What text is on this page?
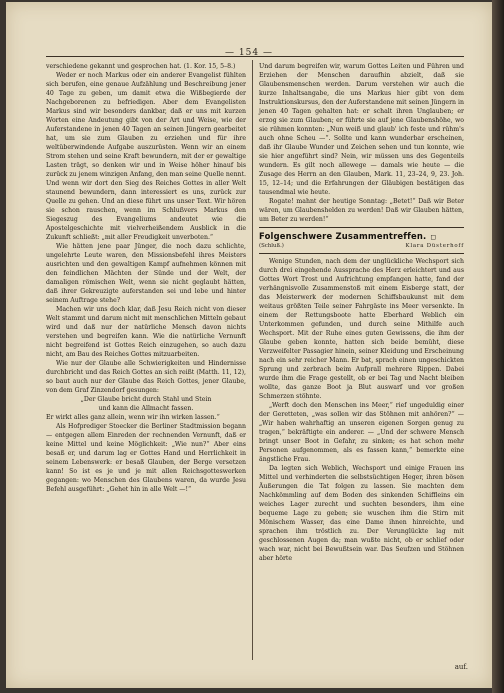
— 154 —

verschiedene gekannt und gesprochen hat. (1. Kor. 15, 5–8.)

Weder er noch Markus oder ein anderer Evangelist fühlten sich berufen, eine genaue Aufzählung und Beschreibung jener 40 Tage zu geben, um damit etwa die Wißbegierde der Nachgeborenen zu befriedigen. Aber dem Evangelisten Markus sind wir besonders dankbar, daß er uns mit kurzen Worten eine Andeutung gibt von der Art und Weise, wie der Auferstandene in jenen 40 Tagen an seinen Jüngern gearbeitet hat, um sie zum Glauben zu erziehen und für ihre weltüberwindende Aufgabe auszurüsten. Wenn wir an einem Strom stehen und seine Kraft bewundern, mit der er gewaltige Lasten trägt, so denken wir und in Weise höher hinauf bis zurück zu jenem winzigen Anfang, den man seine Quelle nennt. Und wenn wir dort den Sieg des Reiches Gottes in aller Welt staunend bewundern, dann interessiert es uns, zurück zur Quelle zu gehen. Und an diese führt uns unser Text. Wir hören sie schon rauschen, wenn im Schlußvers Markus den Siegeszug des Evangeliums andeutet wie die Apostelgeschichte mit vielverheißendem Ausblick in die Zukunft schließt: „mit aller Freudigkeit unverboten.“

Wie hätten jene paar Jünger, die noch dazu schlichte, ungelehrte Leute waren, den Missionsbefehl ihres Meisters ausrichten und den gewaltigen Kampf aufnehmen können mit den feindlichen Mächten der Sünde und der Welt, der damaligen römischen Welt, wenn sie nicht geglaubt hätten, daß ihrer Gekreuzigte auferstanden sei und lebe und hinter seinem Auftrage stehe?

Machen wir uns doch klar, daß Jesu Reich nicht von dieser Welt stammt und darum nicht mit menschlichen Mitteln gebaut wird und daß nur der natürliche Mensch davon nichts verstehen und begreifen kann. Wie die natürliche Vernunft nicht begreifend ist Gottes Reich einzugehen, so auch dazu nicht, am Bau des Reiches Gottes mitzuarbeiten.

Wie nur der Glaube alle Schwierigkeiten und Hindernisse durchbricht und das Reich Gottes an sich reißt (Matth. 11, 12), so baut auch nur der Glaube das Reich Gottes, jener Glaube, von dem Graf Zinzendorf gesungen:

„Der Glaube bricht durch Stahl und Stein

und kann die Allmacht fassen.

Er wirkt alles ganz allein, wenn wir ihn wirken lassen.“

Als Hofprediger Stoecker die Berliner Stadtmission begann — entgegen allem Einreden der rechnenden Vernunft, daß er keine Mittel und keine Möglichkeit: „Wie nun?“ Aber eins besaß er, und darum lag er Gottes Hand und Herrlichkeit in seinem Lebenswerk: er besaß Glauben, der Berge versetzen kann! So ist es je und je mit allen Reichsgotteswerken gegangen: wo Menschen des Glaubens waren, da wurde Jesu Befehl ausgeführt: „Gehet hin in alle Welt —!“

Und darum begreifen wir, warum Gottes Leiten und Führen und Erziehen der Menschen daraufhin abzielt, daß sie Glaubensmenschen werden. Darum verstehen wir auch die kurze Inhaltsangabe, die uns Markus hier gibt von dem Instruktionskursus, den der Auferstandene mit seinen Jüngern in jenen 40 Tagen gehalten hat: er schalt ihren Unglauben; er erzog sie zum Glauben; er führte sie auf jene Glaubenshöhe, wo sie rühmen konnten: „Nun weiß und glaub' ich feste und rühm's auch ohne Scheu —“. Sollte und kann wunderbar erscheinen, daß ihr Glaube Wunder und Zeichen sehen und tun konnte, wie sie hier angeführt sind? Nein, wir müssen uns des Gegenteils wundern. Es gilt noch allewege — damals wie heute — die Zusage des Herrn an den Glauben, Mark. 11, 23–24, 9, 23. Joh. 15, 12–14; und die Erfahrungen der Gläubigen bestätigen das tausendmal wie heute.

Rogate! mahnt der heutige Sonntag: „Betet!“ Daß wir Beter wären, um Glaubenshelden zu werden! Daß wir Glauben hätten, um Beter zu werden!“

Folgenschwere Zusammentreffen. ◻
(Schluß.)	Klara Düsterhoff

Wenige Stunden, nach dem der unglückliche Wechsport sich durch drei eingehende Aussprache des Herz erleichtert und aus Gottes Wort Trost und Aufrichtung empfangen hatte, fand der verhängnisvolle Zusammenstoß mit einem Eisberge statt, der das Meisterwerk der modernen Schiffsbaukunst mit dem weitaus größten Teile seiner Fahrgäste ins Meer versenkte. In einem der Rettungsboote hatte Eberhard Weblich ein Unterkommen gefunden, und durch seine Mithilfe auch Wechsport. Mit der Ruhe eines guten Gewissens, die ihm der Glaube geben konnte, hatten sich beide bemüht, diese Verzweifelter Passagier hinein, seiner Kleidung und Erscheinung nach ein sehr reicher Mann. Er bat, sprach einen ungeschickten Sprung und zerbrach beim Aufprall mehrere Rippen. Dabei wurde ihm die Frage gestellt, ob er bei Tag und Nacht bleiben wollte, das ganze Boot ja Blut auswarf und vor großen Schmerzen stöhnte.

„Werft doch den Menschen ins Meer,“ rief ungeduldig einer der Geretteten, „was sollen wir das Stöhnen mit anhören?“ — „Wir haben wahrhaftig an unseren eigenen Sorgen genug zu tragen,“ bekräftigte ein anderer. — „Und der schwere Mensch bringt unser Boot in Gefahr, zu sinken; es hat schon mehr Personen aufgenommen, als es fassen kann,“ bemerkte eine ängstliche Frau.

Da legten sich Weblich, Wechsport und einige Frauen ins Mittel und verhinderten die selbstsüchtigen Heger, ihren bösen Äußerungen die Tat folgen zu lassen. Sie machten dem Nachkömmling auf dem Boden des sinkenden Schiffleins ein weiches Lager zurecht und suchten besonders, ihm eine bequeme Lage zu geben; sie wuschen ihm die Stirn mit Mönischem Wasser, das eine Dame ihnen hinreichte, und sprachen ihm tröstlich zu. Der Verunglückte lag mit geschlossenen Augen da; man wußte nicht, ob er schlief oder wach war, nicht bei Bewußtsein war. Das Seufzen und Stöhnen aber hörte

auf.
